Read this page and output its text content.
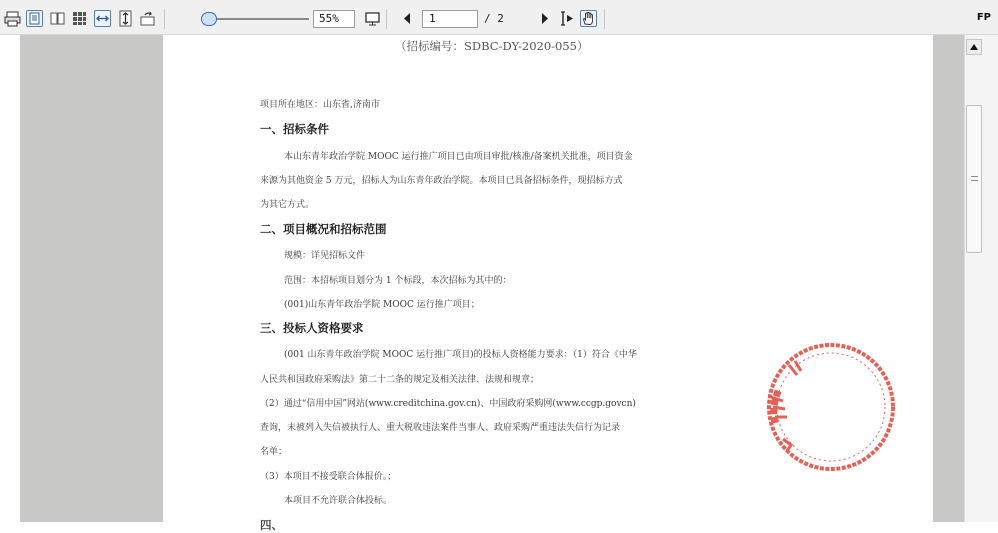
55%	1	/ 2	FP
（招标编号：SDBC-DY-2020-055）
项目所在地区：山东省,济南市
一、招标条件
本山东青年政治学院 MOOC 运行推广项目已由项目审批/核准/备案机关批准，项目资金
来源为其他资金 5 万元，招标人为山东青年政治学院。本项目已具备招标条件，现招标方式
为其它方式。
二、项目概况和招标范围
规模：详见招标文件
范围：本招标项目划分为 1 个标段，本次招标为其中的：
(001)山东青年政治学院 MOOC 运行推广项目；
三、投标人资格要求
(001 山东青年政治学院 MOOC 运行推广项目)的投标人资格能力要求：（1）符合《中华
人民共和国政府采购法》第二十二条的规定及相关法律、法规和规章；
（2）通过“信用中国”网站(www.creditchina.gov.cn)、中国政府采购网(www.ccgp.govcn)
查询，未被列入失信被执行人、重大税收违法案件当事人、政府采购严重违法失信行为记录
名单；
（3）本项目不接受联合体报价。；
本项目不允许联合体投标。
四、
